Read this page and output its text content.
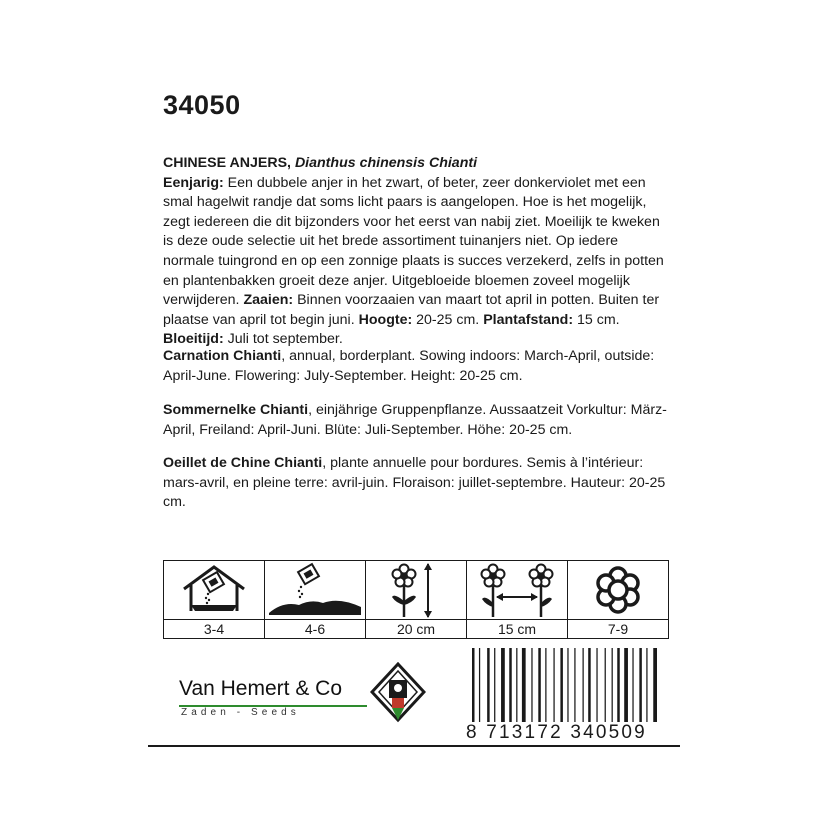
34050
CHINESE ANJERS, Dianthus chinensis Chianti
Eenjarig: Een dubbele anjer in het zwart, of beter, zeer donkerviolet met een smal hagelwit randje dat soms licht paars is aangelopen. Hoe is het mogelijk, zegt iedereen die dit bijzonders voor het eerst van nabij ziet. Moeilijk te kweken is deze oude selectie uit het brede assortiment tuinanjers niet. Op iedere normale tuingrond en op een zonnige plaats is succes verzekerd, zelfs in potten en plantenbakken groeit deze anjer. Uitgebloeide bloemen zoveel mogelijk verwijderen. Zaaien: Binnen voorzaaien van maart tot april in potten. Buiten ter plaatse van april tot begin juni. Hoogte: 20-25 cm. Plantafstand: 15 cm. Bloeitijd: Juli tot september.
Carnation Chianti, annual, borderplant. Sowing indoors: March-April, outside: April-June. Flowering: July-September. Height: 20-25 cm.
Sommernelke Chianti, einjährige Gruppenpflanze. Aussaatzeit Vorkultur: März-April, Freiland: April-Juni. Blüte: Juli-September. Höhe: 20-25 cm.
Oeillet de Chine Chianti, plante annuelle pour bordures. Semis à l’intérieur: mars-avril, en pleine terre: avril-juin. Floraison: juillet-septembre. Hauteur: 20-25 cm.
3-4	4-6	20 cm	15 cm	7-9
Van Hemert & Co
Zaden - Seeds
8 713172 340509
